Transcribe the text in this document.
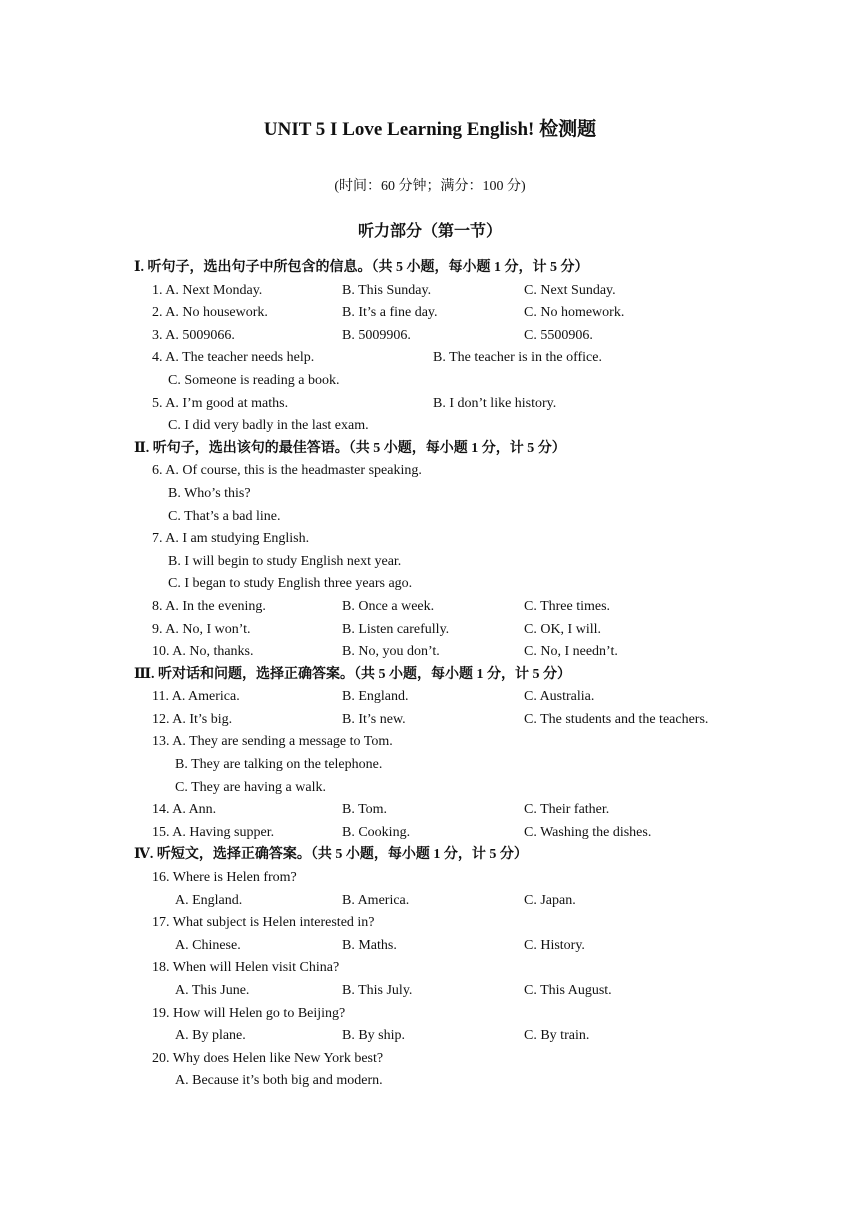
UNIT 5 I Love Learning English! 检测题
(时间：60 分钟；满分：100 分)
听力部分（第一节）
Ⅰ. 听句子，选出句子中所包含的信息。（共 5 小题，每小题 1 分，计 5 分）
1. A. Next Monday.	B. This Sunday.	C. Next Sunday.
2. A. No housework.	B. It’s a fine day.	C. No homework.
3. A. 5009066.	B. 5009906.	C. 5500906.
4. A. The teacher needs help.	B. The teacher is in the office.
C. Someone is reading a book.
5. A. I’m good at maths.	B. I don’t like history.
C. I did very badly in the last exam.
Ⅱ. 听句子，选出该句的最佳答语。（共 5 小题，每小题 1 分，计 5 分）
6. A. Of course, this is the headmaster speaking.
B. Who’s this?
C. That’s a bad line.
7. A. I am studying English.
B. I will begin to study English next year.
C. I began to study English three years ago.
8. A. In the evening.	B. Once a week.	C. Three times.
9. A. No, I won’t.	B. Listen carefully.	C. OK, I will.
10. A. No, thanks.	B. No, you don’t.	C. No, I needn’t.
Ⅲ. 听对话和问题，选择正确答案。（共 5 小题，每小题 1 分，计 5 分）
11. A. America.	B. England.	C. Australia.
12. A. It’s big.	B. It’s new.	C. The students and the teachers.
13. A. They are sending a message to Tom.
B. They are talking on the telephone.
C. They are having a walk.
14. A. Ann.	B. Tom.	C. Their father.
15. A. Having supper.	B. Cooking.	C. Washing the dishes.
Ⅳ. 听短文，选择正确答案。（共 5 小题，每小题 1 分，计 5 分）
16. Where is Helen from?
A. England.	B. America.	C. Japan.
17. What subject is Helen interested in?
A. Chinese.	B. Maths.	C. History.
18. When will Helen visit China?
A. This June.	B. This July.	C. This August.
19. How will Helen go to Beijing?
A. By plane.	B. By ship.	C. By train.
20. Why does Helen like New York best?
A. Because it’s both big and modern.
